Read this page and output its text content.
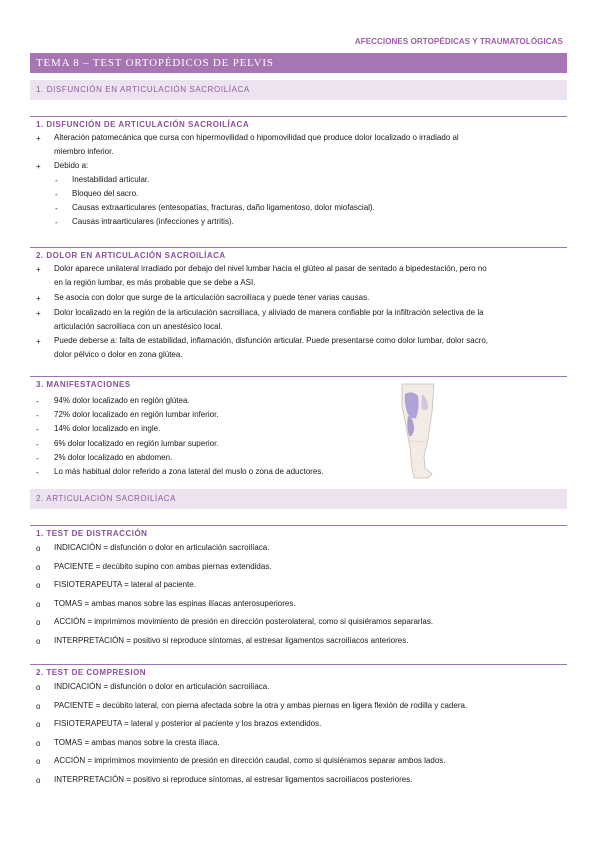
AFECCIONES ORTOPÉDICAS Y TRAUMATOLÓGICAS
TEMA 8 – TEST ORTOPÉDICOS DE PELVIS
1. DISFUNCIÓN EN ARTICULACIÓN SACROILÍACA
1. DISFUNCIÓN DE ARTICULACIÓN SACROILÍACA
+ Alteración patomecánica que cursa con hipermovilidad o hipomovilidad que produce dolor localizado o irradiado al
miembro inferior.
+ Debido a:
- Inestabilidad articular.
- Bloqueo del sacro.
- Causas extraarticulares (entesopatías, fracturas, daño ligamentoso, dolor miofascial).
- Causas intraarticulares (infecciones y artritis).
2. DOLOR EN ARTICULACIÓN SACROILÍACA
+ Dolor aparece unilateral irradiado por debajo del nivel lumbar hacia el glúteo al pasar de sentado a bipedestación, pero no
en la región lumbar, es más probable que se debe a ASI.
+ Se asocia con dolor que surge de la articulación sacroilíaca y puede tener varias causas.
+ Dolor localizado en la región de la articulación sacroilíaca, y aliviado de manera confiable por la infiltración selectiva de la
articulación sacroilíaca con un anestésico local.
+ Puede deberse a: falta de estabilidad, inflamación, disfunción articular. Puede presentarse como dolor lumbar, dolor sacro,
dolor pélvico o dolor en zona glútea.
3. MANIFESTACIONES
- 94% dolor localizado en región glútea.
- 72% dolor localizado en región lumbar inferior.
- 14% dolor localizado en ingle.
- 6% dolor localizado en región lumbar superior.
- 2% dolor localizado en abdomen.
- Lo más habitual dolor referido a zona lateral del muslo o zona de aductores.
2. ARTICULACIÓN SACROILÍACA
1. TEST DE DISTRACCIÓN
o INDICACIÓN = disfunción o dolor en articulación sacroilíaca.
o PACIENTE = decúbito supino con ambas piernas extendidas.
o FISIOTERAPEUTA = lateral al paciente.
o TOMAS = ambas manos sobre las espinas ilíacas anterosuperiores.
o ACCIÓN = imprimimos movimiento de presión en dirección posterolateral, como si quisiéramos separarlas.
o INTERPRETACIÓN = positivo si reproduce síntomas, al estresar ligamentos sacroilíacos anteriores.
2. TEST DE COMPRESION
o INDICACIÓN = disfunción o dolor en articulación sacroilíaca.
o PACIENTE = decúbito lateral, con pierna afectada sobre la otra y ambas piernas en ligera flexión de rodilla y cadera.
o FISIOTERAPEUTA = lateral y posterior al paciente y los brazos extendidos.
o TOMAS = ambas manos sobre la cresta ilíaca.
o ACCIÓN = imprimimos movimiento de presión en dirección caudal, como si quisiéramos separar ambos lados.
o INTERPRETACIÓN = positivo si reproduce síntomas, al estresar ligamentos sacroilíacos posteriores.
